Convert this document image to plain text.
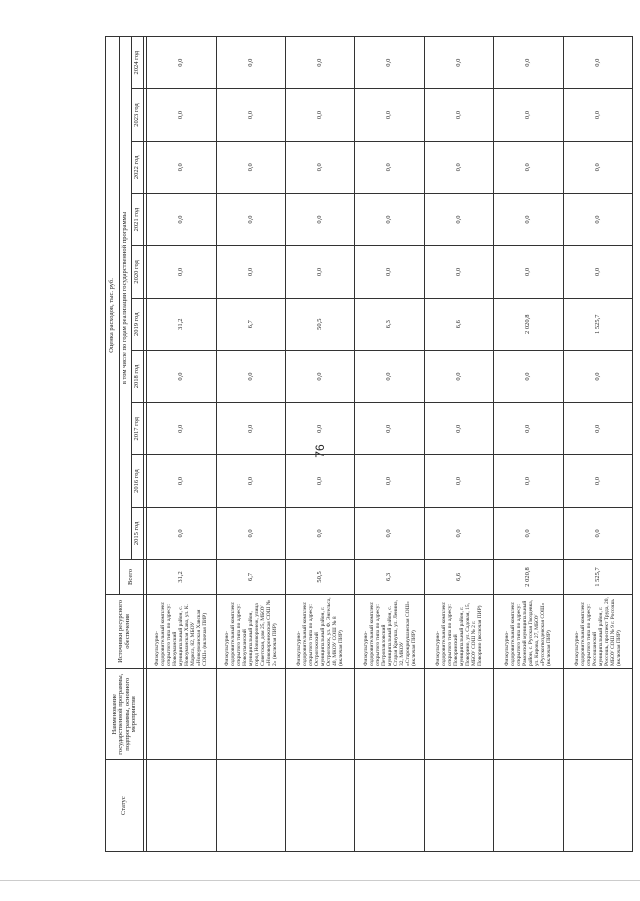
76
Статус	Наименование государственной программы, подпрограммы, основного мероприятия	Источники ресурсного обеспечения	Оценка расходов, тыс. руб.										
			Всего	в том числе по годам реализации государственной программы									
				2015 год	2016 год	2017 год	2018 год	2019 год	2020 год	2021 год	2022 год	2023 год	2024 год

		Физкультурно-оздоровительный комплекс открытого типа по адресу: Новоуманский муниципальный район, с. Новоуманская Хава, ул. К. Маркса, 82, МБОУ «Новоуманская Хавская СОШ» (включая ПИР)	31,2	0,0	0,0	0,0	0,0	31,2	0,0	0,0	0,0	0,0	0,0
		Физкультурно-оздоровительный комплекс открытого типа по адресу: Новоусманский муниципальный район, город Нововоронеж, улица Советская, дом 25, МБОУ «Нововоронежская СОШ № 2» (включая ПИР)	6,7	0,0	0,0	0,0	0,0	6,7	0,0	0,0	0,0	0,0	0,0
		Физкультурно-оздоровительный комплекс открытого типа по адресу: Острогожский муниципальный район, г. Острогожск, ул. Ф. Энгельса, 40, МКОУ СОШ № 8 (включая ПИР)	50,5	0,0	0,0	0,0	0,0	50,5	0,0	0,0	0,0	0,0	0,0
		Физкультурно-оздоровительный комплекс открытого типа по адресу: Петропавловский муниципальный район, с. Старая Криуша, ул. Ленина, 32, МКОУ «Старокриушанская СОШ» (включая ПИР)	6,3	0,0	0,0	0,0	0,0	6,3	0,0	0,0	0,0	0,0	0,0
		Физкультурно-оздоровительный комплекс открытого типа по адресу: Поворинский муниципальный район, г. Поворино, ул. Садовая, 15, МБОУ СОШ № 2 г. Поворино (включая ПИР)	6,6	0,0	0,0	0,0	0,0	6,6	0,0	0,0	0,0	0,0	0,0
		Физкультурно-оздоровительный комплекс открытого типа по адресу: Рамонский муниципальный район, с. Русская Гвоздевка, ул. Кирова, 27, МБОУ «Русскогвоздевская СОШ» (включая ПИР)	2 020,8	0,0	0,0	0,0	0,0	2 020,8	0,0	0,0	0,0	0,0	0,0
		Физкультурно-оздоровительный комплекс открытого типа по адресу: Россошанский муниципальный район, г. Россошь, проспект Труда, 20, МБОУ СОШ № 9 г. Россошь (включая ПИР)	1 525,7	0,0	0,0	0,0	0,0	1 525,7	0,0	0,0	0,0	0,0	0,0
